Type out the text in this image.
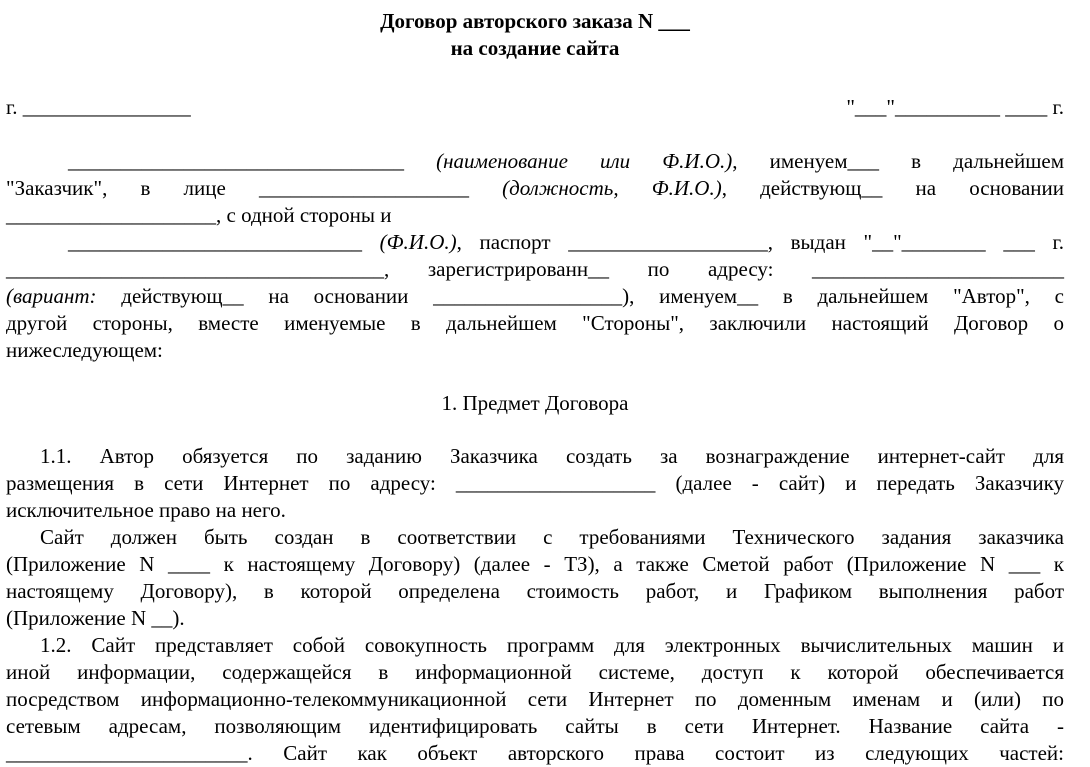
Договор авторского заказа N ___
на создание сайта
г. ________________	"___"__________ ____ г.
________________________________ (наименование или Ф.И.О.), именуем___ в дальнейшем
"Заказчик", в лице ____________________ (должность, Ф.И.О.), действующ__ на основании
____________________, с одной стороны и
____________________________ (Ф.И.О.), паспорт ___________________, выдан "__"________ ___ г.
____________________________________, зарегистрированн__ по адресу: ________________________
(вариант: действующ__ на основании __________________), именуем__ в дальнейшем "Автор", с
другой стороны, вместе именуемые в дальнейшем "Стороны", заключили настоящий Договор о
нижеследующем:
1. Предмет Договора
1.1. Автор обязуется по заданию Заказчика создать за вознаграждение интернет-сайт для
размещения в сети Интернет по адресу: ___________________ (далее - сайт) и передать Заказчику
исключительное право на него.
Сайт должен быть создан в соответствии с требованиями Технического задания заказчика
(Приложение N ____ к настоящему Договору) (далее - ТЗ), а также Сметой работ (Приложение N ___ к
настоящему Договору), в которой определена стоимость работ, и Графиком выполнения работ
(Приложение N __).
1.2. Сайт представляет собой совокупность программ для электронных вычислительных машин и
иной информации, содержащейся в информационной системе, доступ к которой обеспечивается
посредством информационно-телекоммуникационной сети Интернет по доменным именам и (или) по
сетевым адресам, позволяющим идентифицировать сайты в сети Интернет. Название сайта -
_______________________. Сайт как объект авторского права состоит из следующих частей:
